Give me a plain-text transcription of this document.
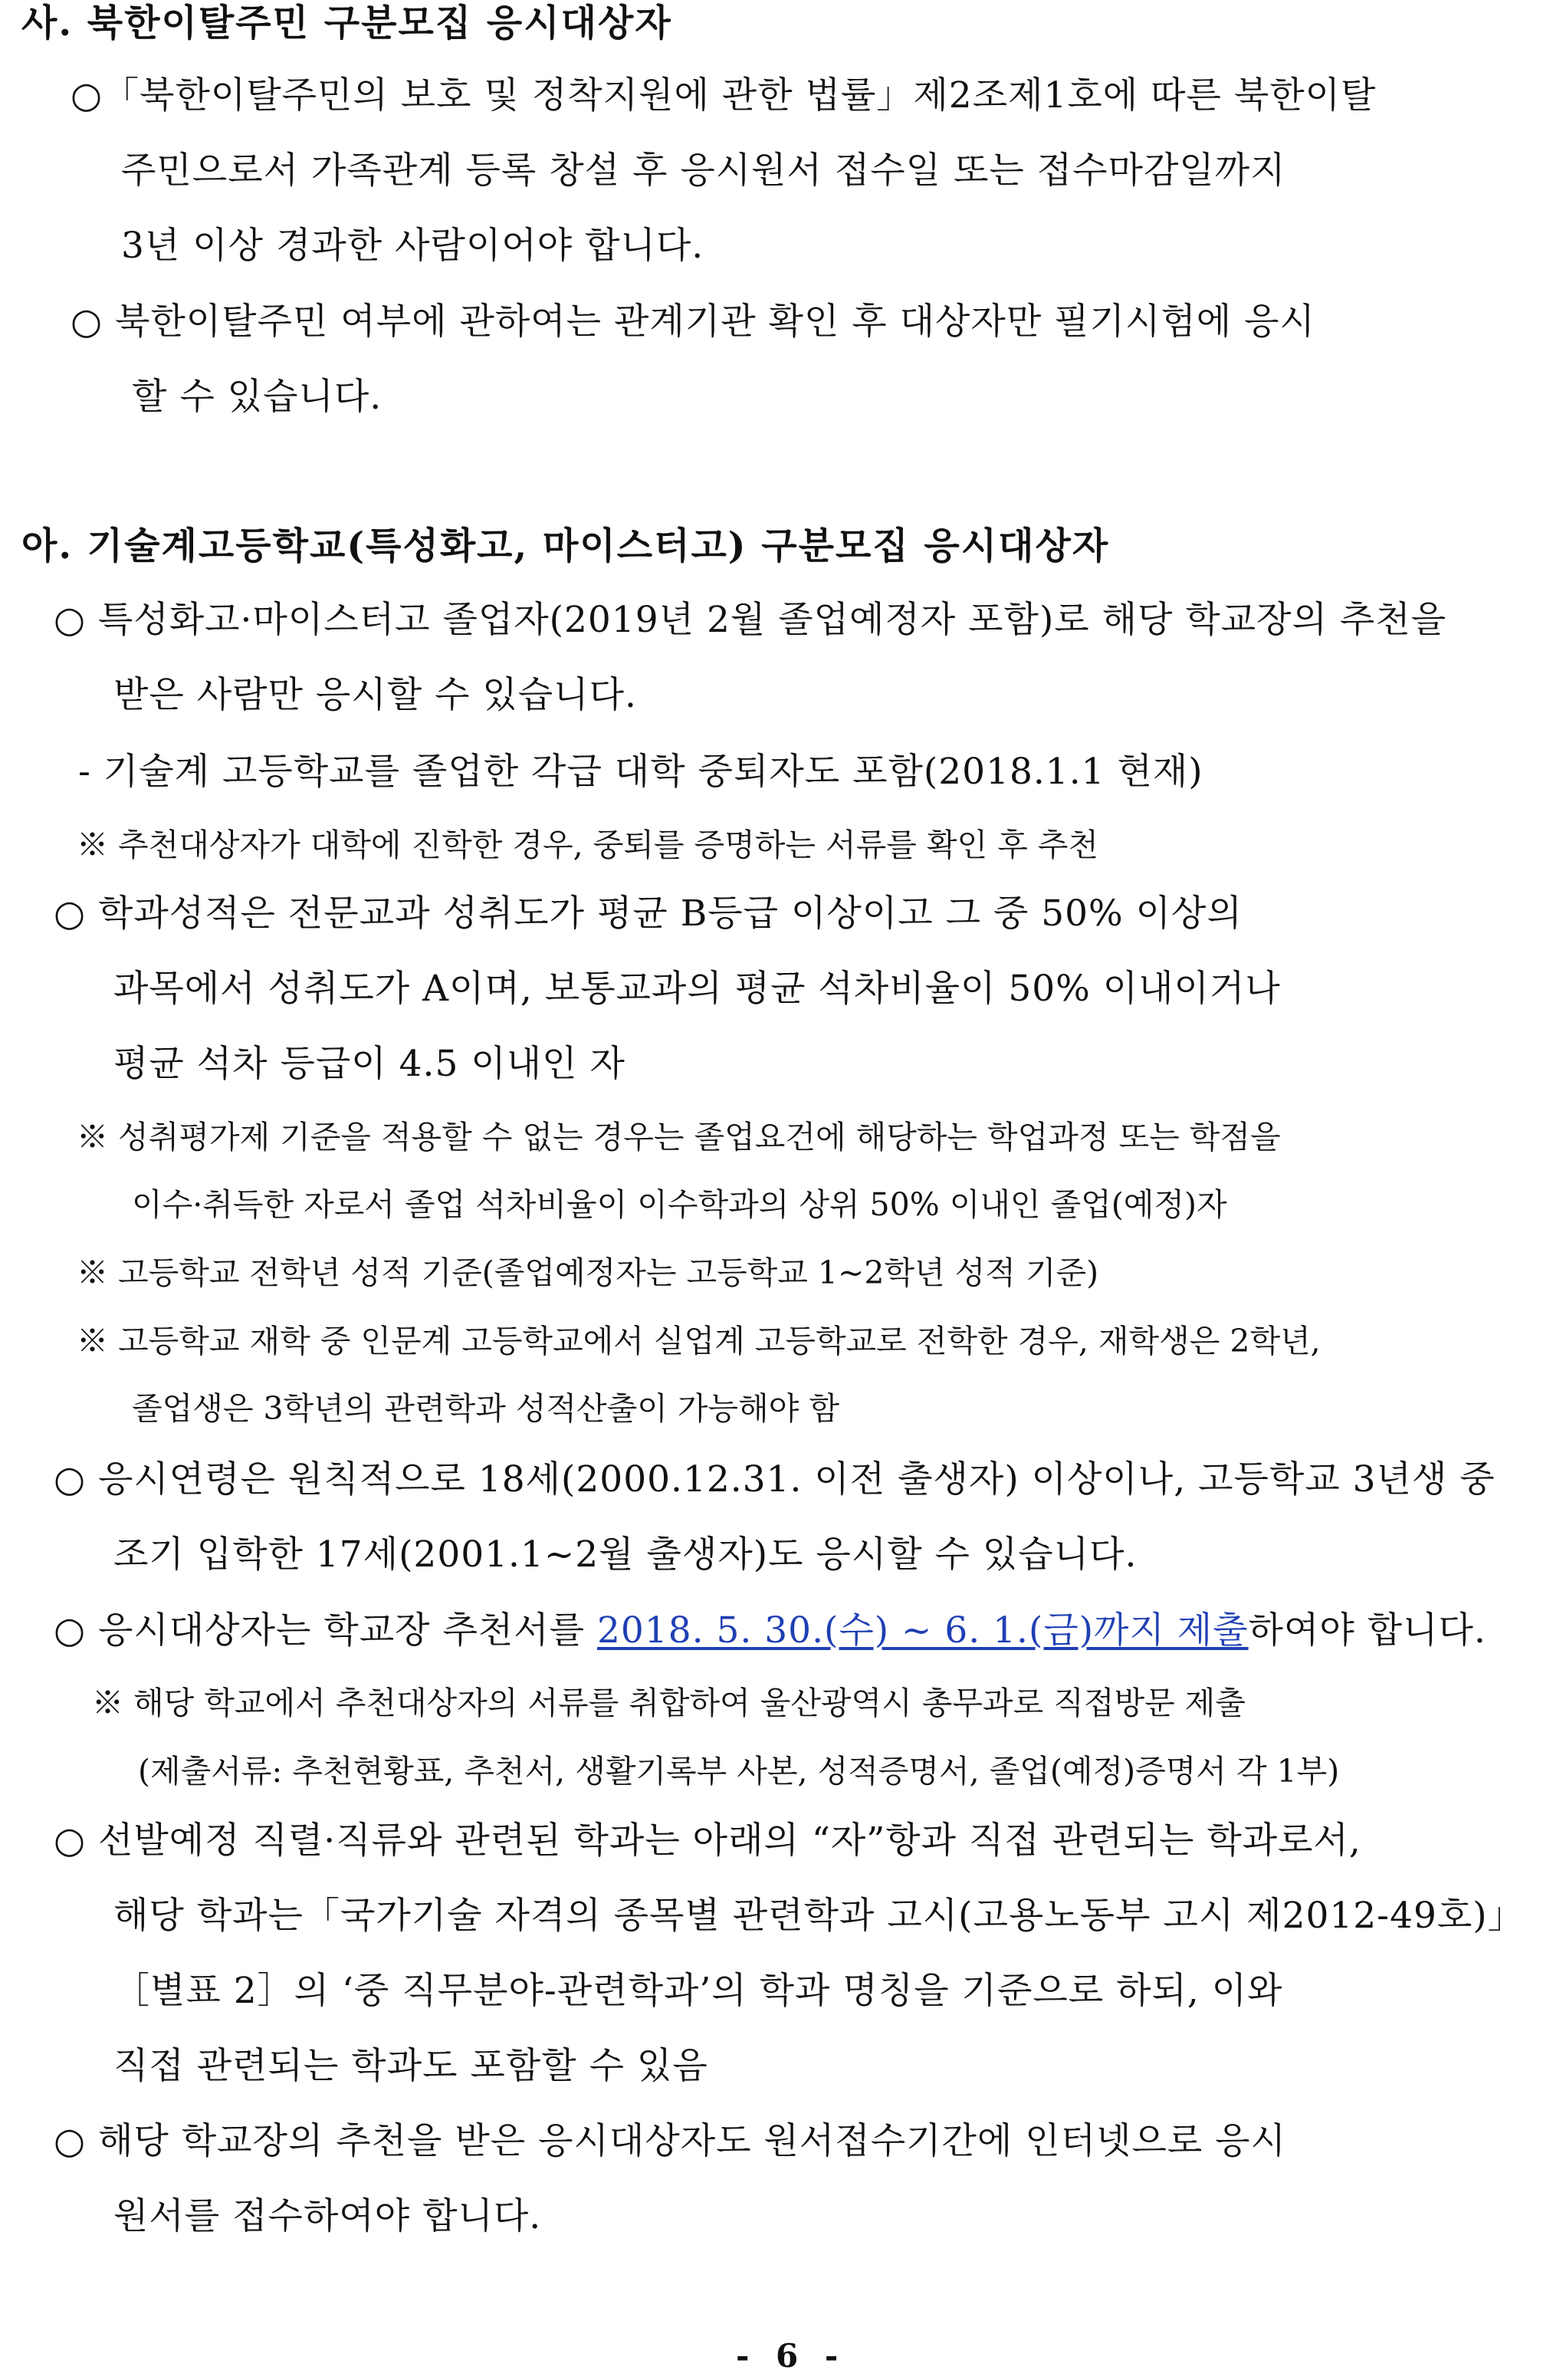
사. 북한이탈주민 구분모집 응시대상자
○「북한이탈주민의 보호 및 정착지원에 관한 법률」제2조제1호에 따른 북한이탈
주민으로서 가족관계 등록 창설 후 응시원서 접수일 또는 접수마감일까지
3년 이상 경과한 사람이어야 합니다.
○ 북한이탈주민 여부에 관하여는 관계기관 확인 후 대상자만 필기시험에 응시
할 수 있습니다.
아. 기술계고등학교(특성화고, 마이스터고) 구분모집 응시대상자
○ 특성화고·마이스터고 졸업자(2019년 2월 졸업예정자 포함)로 해당 학교장의 추천을
받은 사람만 응시할 수 있습니다.
- 기술계 고등학교를 졸업한 각급 대학 중퇴자도 포함(2018.1.1 현재)
※ 추천대상자가 대학에 진학한 경우, 중퇴를 증명하는 서류를 확인 후 추천
○ 학과성적은 전문교과 성취도가 평균 B등급 이상이고 그 중 50% 이상의
과목에서 성취도가 A이며, 보통교과의 평균 석차비율이 50% 이내이거나
평균 석차 등급이 4.5 이내인 자
※ 성취평가제 기준을 적용할 수 없는 경우는 졸업요건에 해당하는 학업과정 또는 학점을
이수·취득한 자로서 졸업 석차비율이 이수학과의 상위 50% 이내인 졸업(예정)자
※ 고등학교 전학년 성적 기준(졸업예정자는 고등학교 1~2학년 성적 기준)
※ 고등학교 재학 중 인문계 고등학교에서 실업계 고등학교로 전학한 경우, 재학생은 2학년,
졸업생은 3학년의 관련학과 성적산출이 가능해야 함
○ 응시연령은 원칙적으로 18세(2000.12.31. 이전 출생자) 이상이나, 고등학교 3년생 중
조기 입학한 17세(2001.1~2월 출생자)도 응시할 수 있습니다.
○ 응시대상자는 학교장 추천서를 2018. 5. 30.(수) ~ 6. 1.(금)까지 제출하여야 합니다.
※ 해당 학교에서 추천대상자의 서류를 취합하여 울산광역시 총무과로 직접방문 제출
(제출서류: 추천현황표, 추천서, 생활기록부 사본, 성적증명서, 졸업(예정)증명서 각 1부)
○ 선발예정 직렬·직류와 관련된 학과는 아래의 “자”항과 직접 관련되는 학과로서,
해당 학과는「국가기술 자격의 종목별 관련학과 고시(고용노동부 고시 제2012-49호)」
［별표 2］의 ‘중 직무분야-관련학과’의 학과 명칭을 기준으로 하되, 이와
직접 관련되는 학과도 포함할 수 있음
○ 해당 학교장의 추천을 받은 응시대상자도 원서접수기간에 인터넷으로 응시
원서를 접수하여야 합니다.
- 6 -
